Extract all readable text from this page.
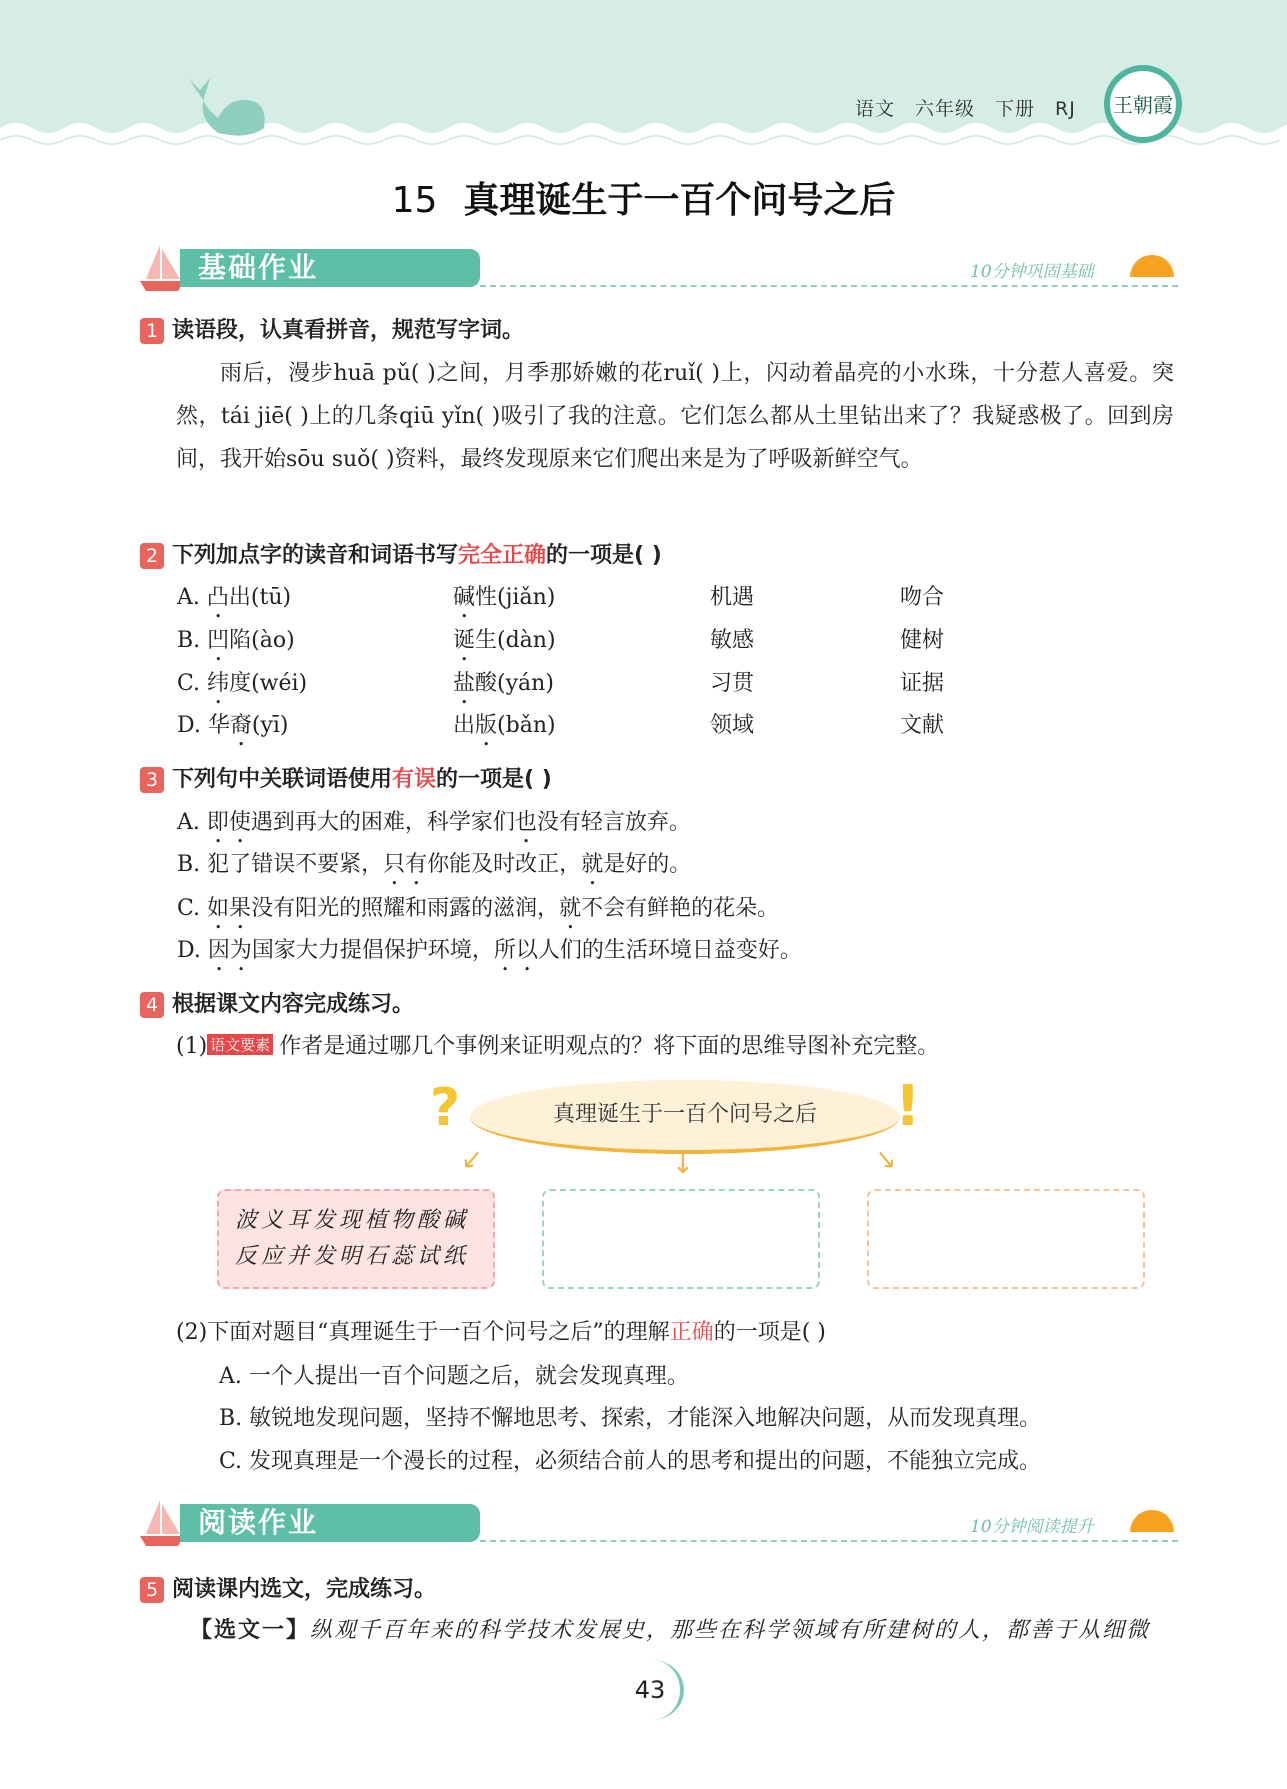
语文 六年级 下册 RJ	王朝霞
15 真理诞生于一百个问号之后
基础作业	10分钟巩固基础
1 读语段，认真看拼音，规范写字词。
雨后，漫步huā pǔ( )之间，月季那娇嫩的花ruǐ( )上，闪动着晶亮的小水珠，十分惹人喜爱。突然，tái jiē( )上的几条qiū yǐn( )吸引了我的注意。它们怎么都从土里钻出来了？我疑惑极了。回到房间，我开始sōu suǒ( )资料，最终发现原来它们爬出来是为了呼吸新鲜空气。
2 下列加点字的读音和词语书写完全正确的一项是( )
A. 凸出(tū)	碱性(jiǎn)	机遇	吻合
B. 凹陷(ào)	诞生(dàn)	敏感	健树
C. 纬度(wéi)	盐酸(yán)	习贯	证据
D. 华裔(yī)	出版(bǎn)	领域	文献
3 下列句中关联词语使用有误的一项是( )
A. 即使遇到再大的困难，科学家们也没有轻言放弃。
B. 犯了错误不要紧，只有你能及时改正，就是好的。
C. 如果没有阳光的照耀和雨露的滋润，就不会有鲜艳的花朵。
D. 因为国家大力提倡保护环境，所以人们的生活环境日益变好。
4 根据课文内容完成练习。
(1) 语文要素 作者是通过哪几个事例来证明观点的？将下面的思维导图补充完整。
真理诞生于一百个问号之后
?	!
↓	↓	↓
波义耳发现植物酸碱反应并发明石蕊试纸
(2)下面对题目“真理诞生于一百个问号之后”的理解正确的一项是( )
A. 一个人提出一百个问题之后，就会发现真理。
B. 敏锐地发现问题，坚持不懈地思考、探索，才能深入地解决问题，从而发现真理。
C. 发现真理是一个漫长的过程，必须结合前人的思考和提出的问题，不能独立完成。
阅读作业	10分钟阅读提升
5 阅读课内选文，完成练习。
【选文一】纵观千百年来的科学技术发展史，那些在科学领域有所建树的人，都善于从细微
43
